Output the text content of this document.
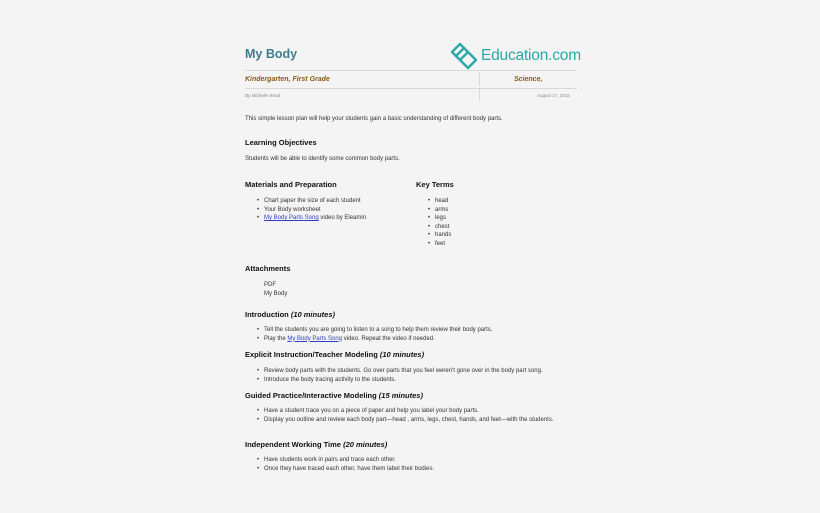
My Body	Education.com
Kindergarten, First Grade	Science,
By Michelle Read	August 17, 2015
This simple lesson plan will help your students gain a basic understanding of different body parts.
Learning Objectives
Students will be able to identify some common body parts.
Materials and Preparation
• Chart paper the size of each student
• Your Body worksheet
• My Body Parts Song video by Eleamin
Key Terms
• head
• arms
• legs
• chest
• hands
• feet
Attachments
PDF
My Body
Introduction (10 minutes)
• Tell the students you are going to listen to a song to help them review their body parts.
• Play the My Body Parts Song video. Repeat the video if needed.
Explicit Instruction/Teacher Modeling (10 minutes)
• Review body parts with the students. Go over parts that you feel weren't gone over in the body part song.
• Introduce the body tracing activity to the students.
Guided Practice/Interactive Modeling (15 minutes)
• Have a student trace you on a piece of paper and help you label your body parts.
• Display you outline and review each body part—head , arms, legs, chest, hands, and feet—with the students.
Independent Working Time (20 minutes)
• Have students work in pairs and trace each other.
• Once they have traced each other, have them label their bodies.
